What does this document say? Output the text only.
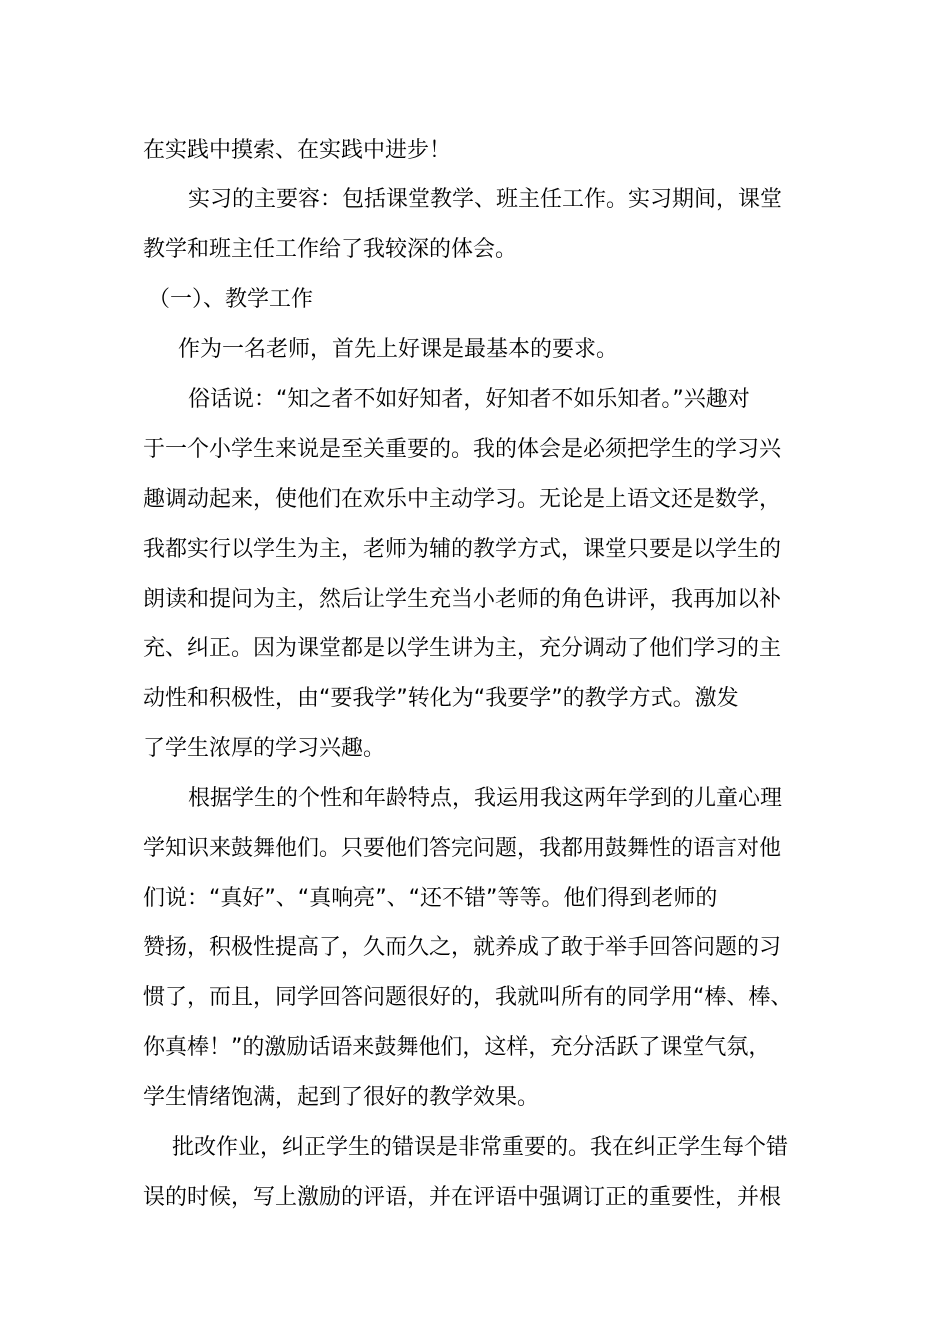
在实践中摸索、在实践中进步！
实习的主要容：包括课堂教学、班主任工作。实习期间，课堂
教学和班主任工作给了我较深的体会。
（一）、教学工作
作为一名老师，首先上好课是最基本的要求。
俗话说：“知之者不如好知者，好知者不如乐知者。”兴趣对
于一个小学生来说是至关重要的。我的体会是必须把学生的学习兴
趣调动起来，使他们在欢乐中主动学习。无论是上语文还是数学，
我都实行以学生为主，老师为辅的教学方式，课堂只要是以学生的
朗读和提问为主，然后让学生充当小老师的角色讲评，我再加以补
充、纠正。因为课堂都是以学生讲为主，充分调动了他们学习的主
动性和积极性，由“要我学”转化为“我要学”的教学方式。激发
了学生浓厚的学习兴趣。
根据学生的个性和年龄特点，我运用我这两年学到的儿童心理
学知识来鼓舞他们。只要他们答完问题，我都用鼓舞性的语言对他
们说：“真好”、“真响亮”、“还不错”等等。他们得到老师的
赞扬，积极性提高了，久而久之，就养成了敢于举手回答问题的习
惯了，而且，同学回答问题很好的，我就叫所有的同学用“棒、棒、
你真棒！”的激励话语来鼓舞他们，这样，充分活跃了课堂气氛，
学生情绪饱满，起到了很好的教学效果。
批改作业，纠正学生的错误是非常重要的。我在纠正学生每个错
误的时候，写上激励的评语，并在评语中强调订正的重要性，并根
